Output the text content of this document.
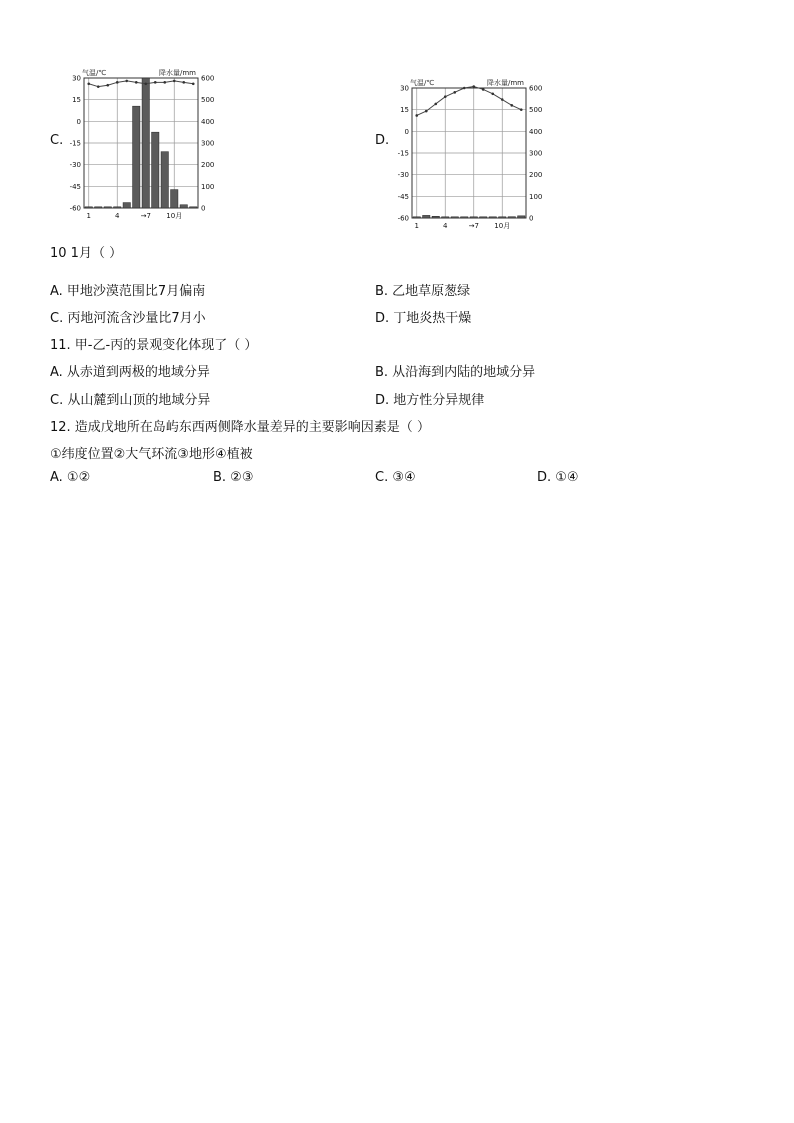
C.	D.
气温/℃	降水量/mm
30
15
0
-15
-30
-45
-60
600
500
400
300
200
100
0
1	4	→7 10月
气温/℃	降水量/mm
30
15
0
-15
-30
-45
-60
600
500
400
300
200
100
0
1	4	→7 10月
10 1月（ ）
A. 甲地沙漠范围比7月偏南	B. 乙地草原葱绿
C. 丙地河流含沙量比7月小	D. 丁地炎热干燥
11. 甲-乙-丙的景观变化体现了（ ）
A. 从赤道到两极的地域分异	B. 从沿海到内陆的地域分异
C. 从山麓到山顶的地域分异	D. 地方性分异规律
12. 造成戊地所在岛屿东西两侧降水量差异的主要影响因素是（ ）
①纬度位置②大气环流③地形④植被
A. ①②	B. ②③	C. ③④	D. ①④
